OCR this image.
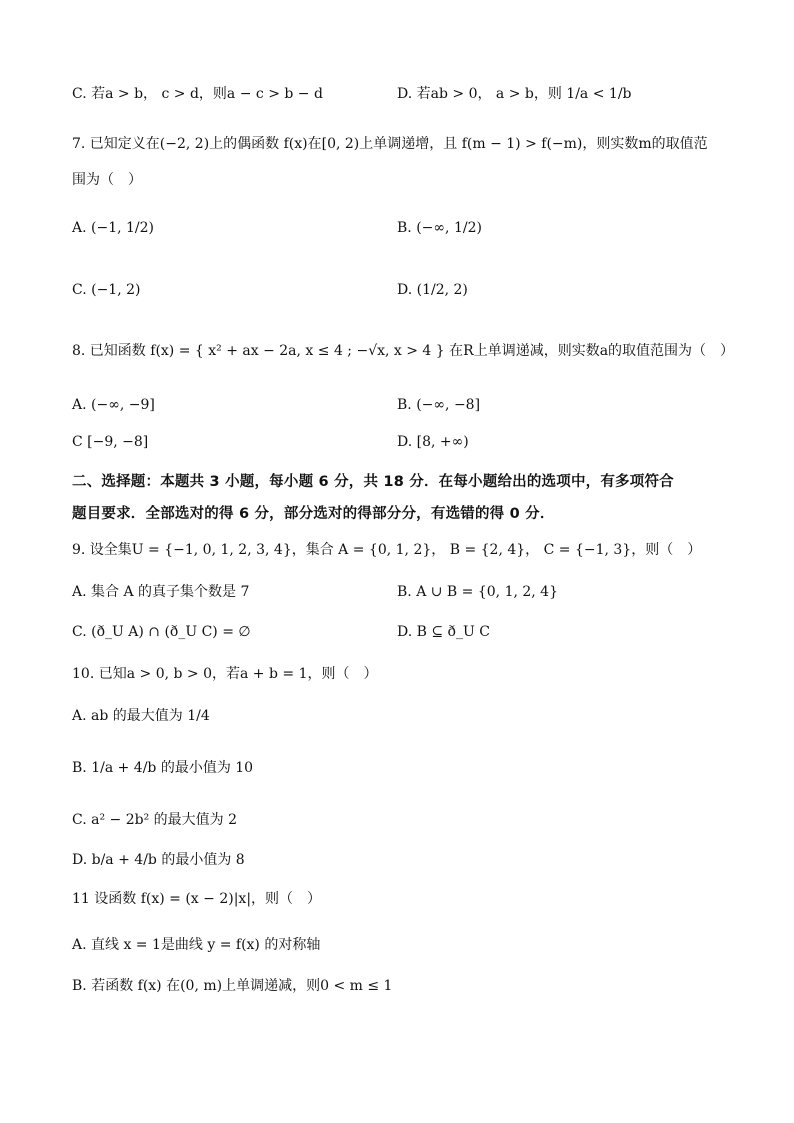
C. 若a > b， c > d，则a − c > b − d	D. 若ab > 0， a > b，则 1/a < 1/b
7. 已知定义在(−2, 2)上的偶函数 f(x)在[0, 2)上单调递增，且 f(m − 1) > f(−m)，则实数m的取值范
围为（　）
A. (−1, 1/2)	B. (−∞, 1/2)
C. (−1, 2)	D. (1/2, 2)
8. 已知函数 f(x) = { x² + ax − 2a, x ≤ 4 ; −√x, x > 4 } 在R上单调递减，则实数a的取值范围为（　）
A. (−∞, −9]	B. (−∞, −8]
C [−9, −8]	D. [8, +∞)
二、选择题：本题共 3 小题，每小题 6 分，共 18 分．在每小题给出的选项中，有多项符合
题目要求．全部选对的得 6 分，部分选对的得部分分，有选错的得 0 分．
9. 设全集U = {−1, 0, 1, 2, 3, 4}，集合 A = {0, 1, 2}， B = {2, 4}， C = {−1, 3}，则（　）
A. 集合 A 的真子集个数是 7	B. A ∪ B = {0, 1, 2, 4}
C. (ð_U A) ∩ (ð_U C) = ∅	D. B ⊆ ð_U C
10. 已知a > 0, b > 0，若a + b = 1，则（　）
A. ab 的最大值为 1/4
B. 1/a + 4/b 的最小值为 10
C. a² − 2b² 的最大值为 2
D. b/a + 4/b 的最小值为 8
11 设函数 f(x) = (x − 2)|x|，则（　）
A. 直线 x = 1是曲线 y = f(x) 的对称轴
B. 若函数 f(x) 在(0, m)上单调递减，则0 < m ≤ 1
